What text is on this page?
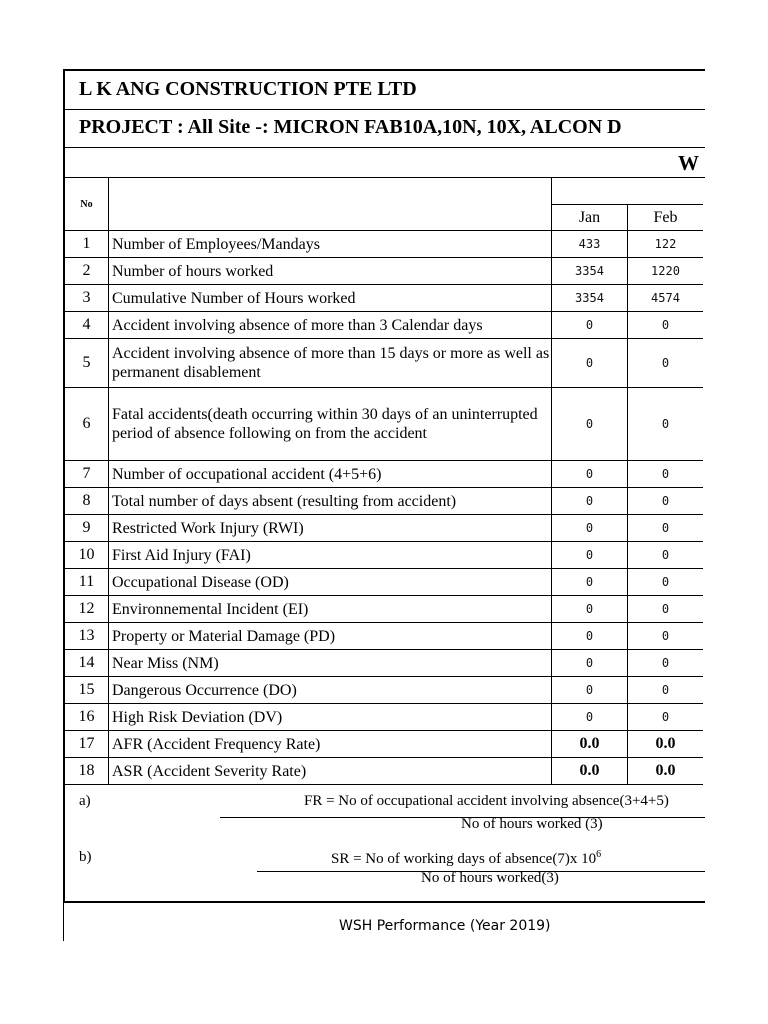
L K ANG CONSTRUCTION PTE LTD
PROJECT : All Site -: MICRON FAB10A,10N, 10X, ALCON D
W
No			
		Jan	Feb
1	Number of Employees/Mandays	433	122
2	Number of hours worked	3354	1220
3	Cumulative Number of Hours worked	3354	4574
4	Accident involving absence of more than 3 Calendar days	0	0
5	Accident involving absence of more than 15 days or more as well as permanent disablement	0	0
6	Fatal accidents(death occurring within 30 days of an uninterrupted period of absence following on from the accident	0	0
7	Number of occupational accident (4+5+6)	0	0
8	Total number of days absent (resulting from accident)	0	0
9	Restricted Work Injury (RWI)	0	0
10	First Aid Injury (FAI)	0	0
11	Occupational Disease (OD)	0	0
12	Environnemental Incident (EI)	0	0
13	Property or Material Damage (PD)	0	0
14	Near Miss (NM)	0	0
15	Dangerous Occurrence (DO)	0	0
16	High Risk Deviation (DV)	0	0
17	AFR (Accident Frequency Rate)	0.0	0.0
18	ASR (Accident Severity Rate)	0.0	0.0
a)	FR = No of occupational accident involving absence(3+4+5)
No of hours worked (3)
b)	SR = No of working days of absence(7)x $10^6$
No of hours worked(3)
WSH Performance (Year 2019)
